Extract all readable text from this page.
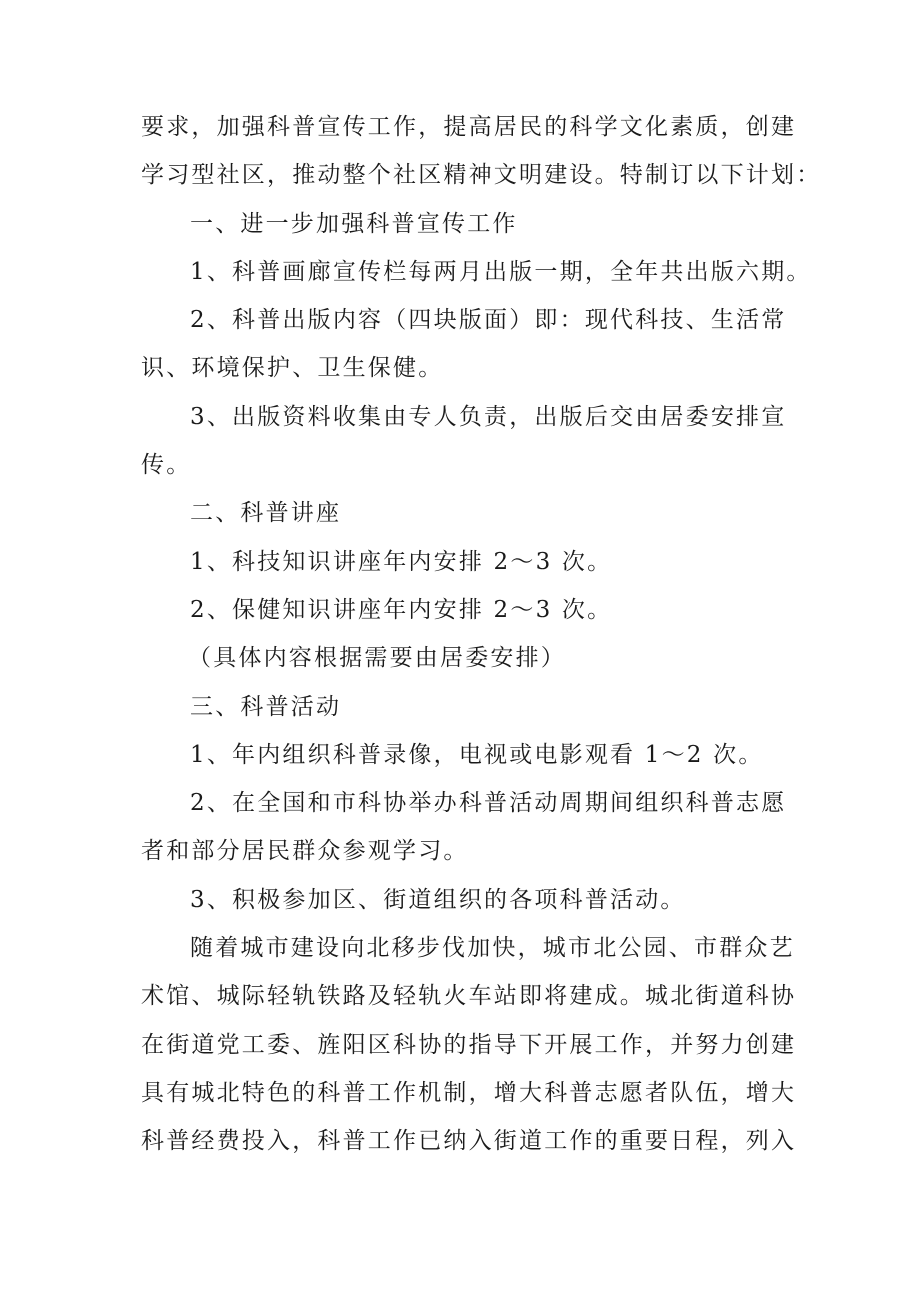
要求，加强科普宣传工作，提高居民的科学文化素质，创建
学习型社区，推动整个社区精神文明建设。特制订以下计划：
一、进一步加强科普宣传工作
1、科普画廊宣传栏每两月出版一期，全年共出版六期。
2、科普出版内容（四块版面）即：现代科技、生活常
识、环境保护、卫生保健。
3、出版资料收集由专人负责，出版后交由居委安排宣
传。
二、科普讲座
1、科技知识讲座年内安排 2～3 次。
2、保健知识讲座年内安排 2～3 次。
（具体内容根据需要由居委安排）
三、科普活动
1、年内组织科普录像，电视或电影观看 1～2 次。
2、在全国和市科协举办科普活动周期间组织科普志愿
者和部分居民群众参观学习。
3、积极参加区、街道组织的各项科普活动。
随着城市建设向北移步伐加快，城市北公园、市群众艺
术馆、城际轻轨铁路及轻轨火车站即将建成。城北街道科协
在街道党工委、旌阳区科协的指导下开展工作，并努力创建
具有城北特色的科普工作机制，增大科普志愿者队伍，增大
科普经费投入，科普工作已纳入街道工作的重要日程，列入
